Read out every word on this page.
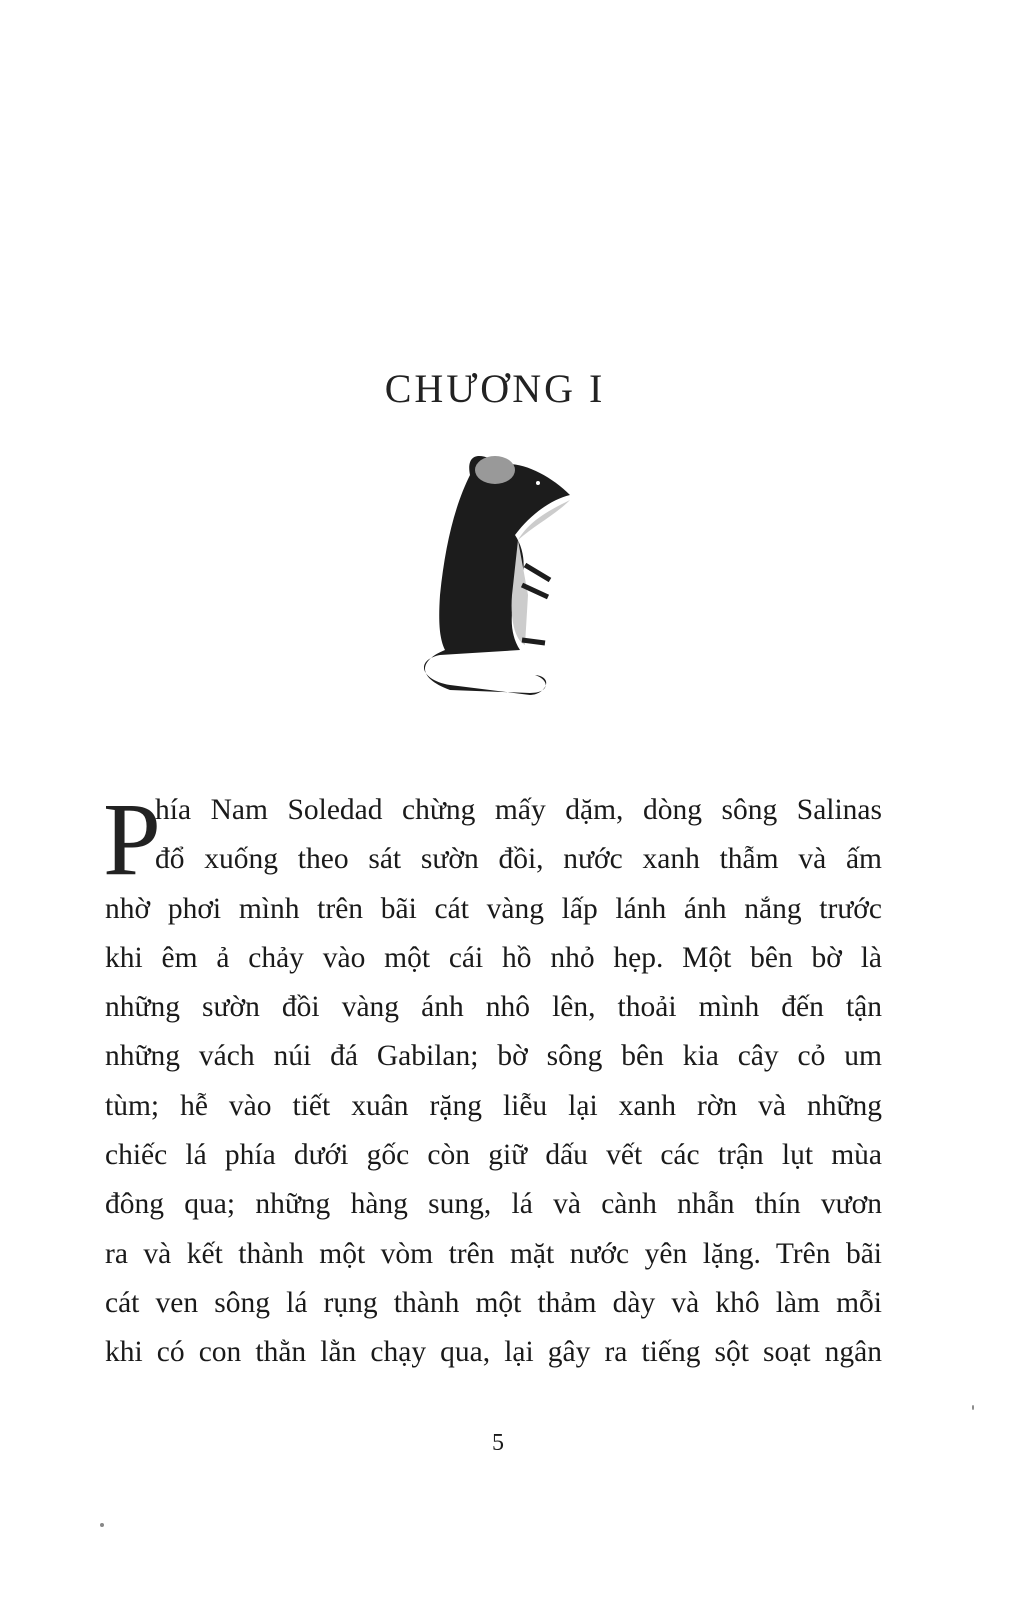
CHƯƠNG I
P
hía Nam Soledad chừng mấy dặm, dòng sông Salinas
đổ xuống theo sát sườn đồi, nước xanh thẫm và ấm
nhờ phơi mình trên bãi cát vàng lấp lánh ánh nắng trước
khi êm ả chảy vào một cái hồ nhỏ hẹp. Một bên bờ là
những sườn đồi vàng ánh nhô lên, thoải mình đến tận
những vách núi đá Gabilan; bờ sông bên kia cây cỏ um
tùm; hễ vào tiết xuân rặng liễu lại xanh rờn và những
chiếc lá phía dưới gốc còn giữ dấu vết các trận lụt mùa
đông qua; những hàng sung, lá và cành nhẫn thín vươn
ra và kết thành một vòm trên mặt nước yên lặng. Trên bãi
cát ven sông lá rụng thành một thảm dày và khô làm mỗi
khi có con thằn lằn chạy qua, lại gây ra tiếng sột soạt ngân
5
